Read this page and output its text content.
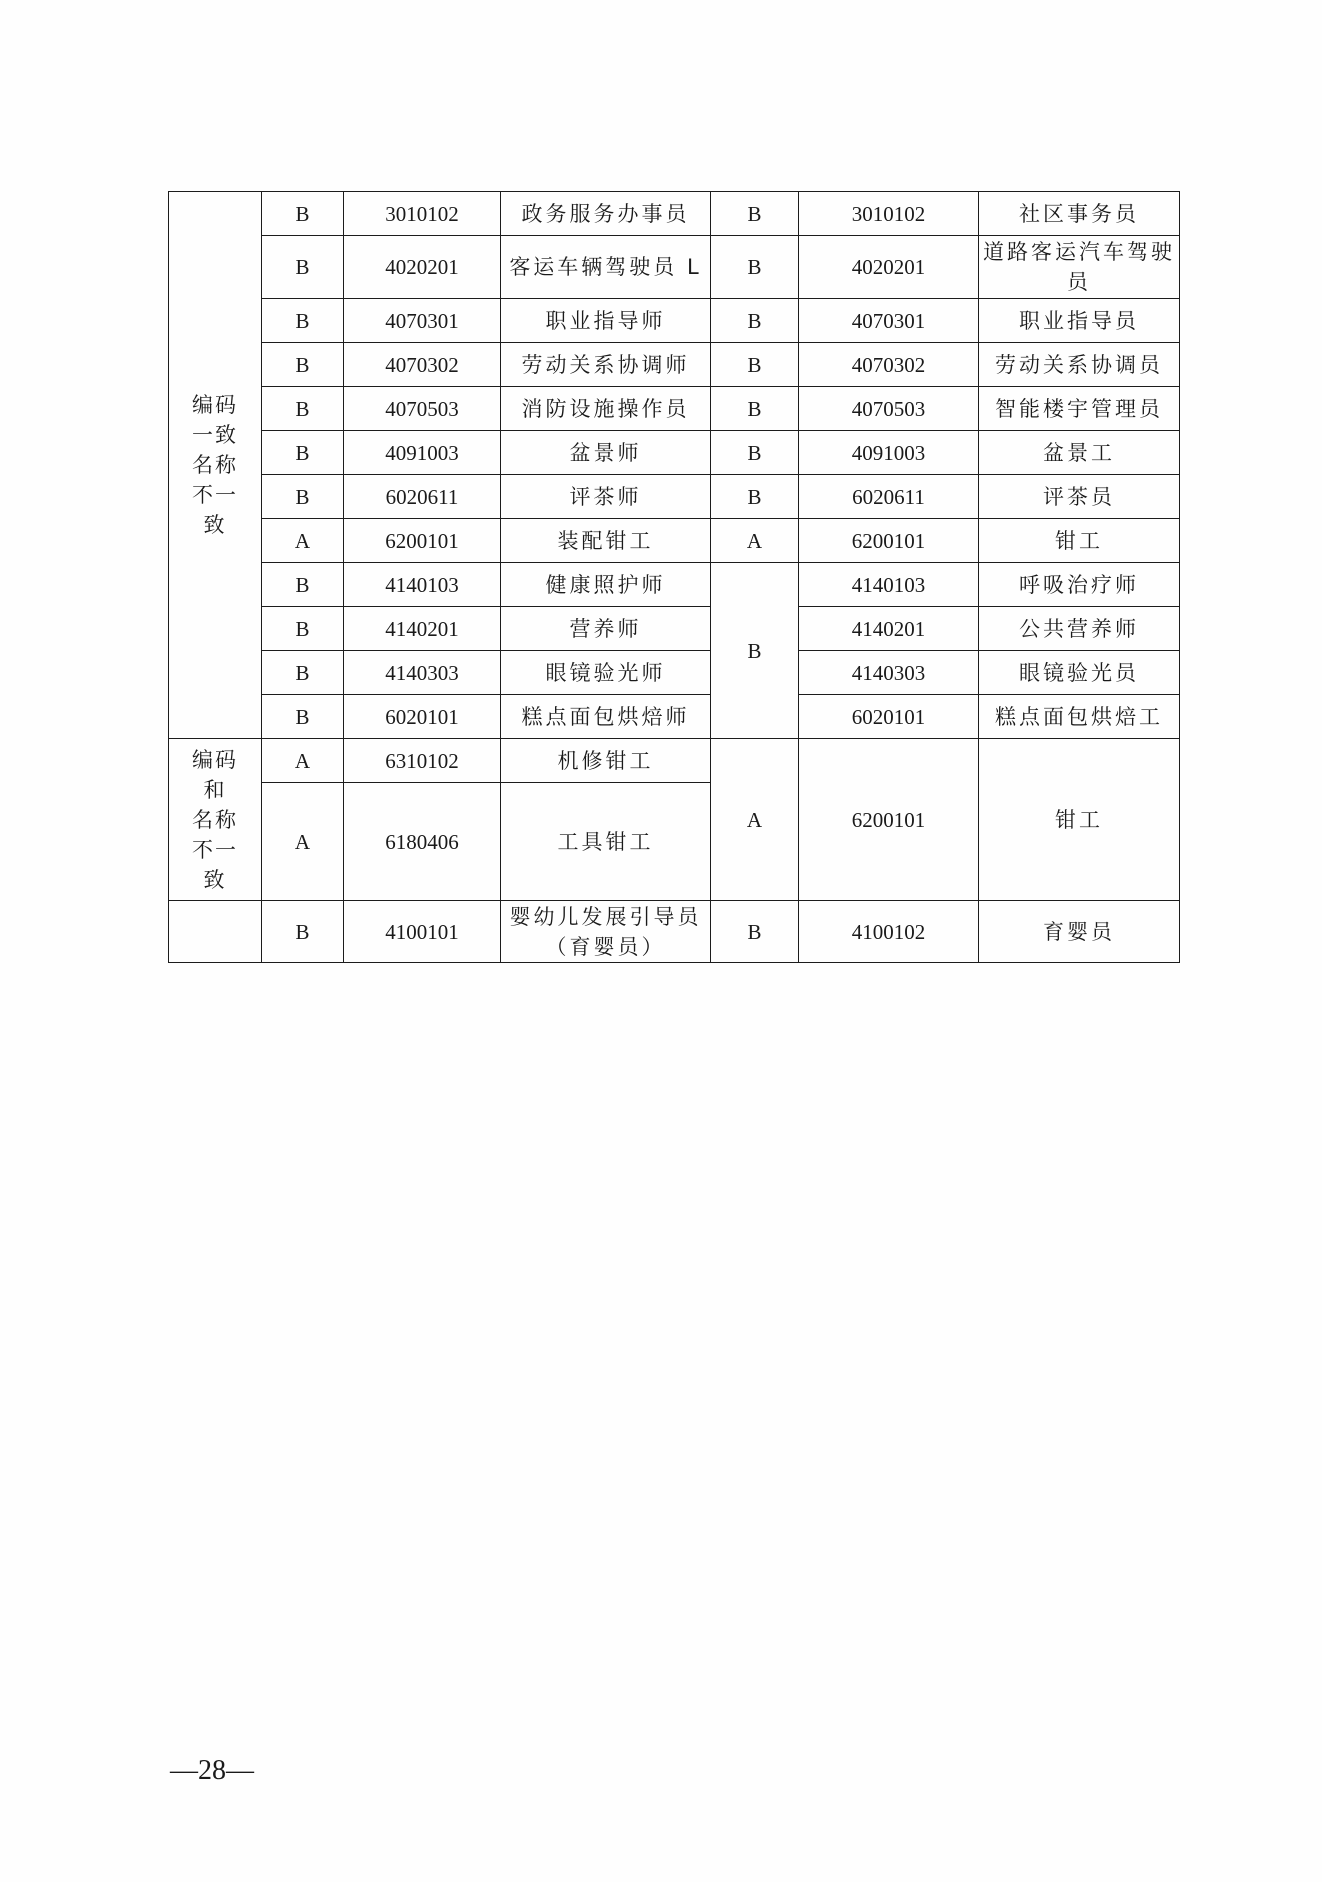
编码
一致
名称
不一
致	B	3010102	政务服务办事员	B	3010102	社区事务员
	B	4020201	客运车辆驾驶员 L	B	4020201	道路客运汽车驾驶员
	B	4070301	职业指导师	B	4070301	职业指导员
	B	4070302	劳动关系协调师	B	4070302	劳动关系协调员
	B	4070503	消防设施操作员	B	4070503	智能楼宇管理员
	B	4091003	盆景师	B	4091003	盆景工
	B	6020611	评茶师	B	6020611	评茶员
	A	6200101	装配钳工	A	6200101	钳工
	B	4140103	健康照护师	B	4140103	呼吸治疗师
	B	4140201	营养师		4140201	公共营养师
	B	4140303	眼镜验光师		4140303	眼镜验光员
	B	6020101	糕点面包烘焙师		6020101	糕点面包烘焙工

编码
和
名称
不一
致	A	6310102	机修钳工	A	6200101	钳工
	A	6180406	工具钳工			
	B	4100101	婴幼儿发展引导员（育婴员）	B	4100102	育婴员
—28—
